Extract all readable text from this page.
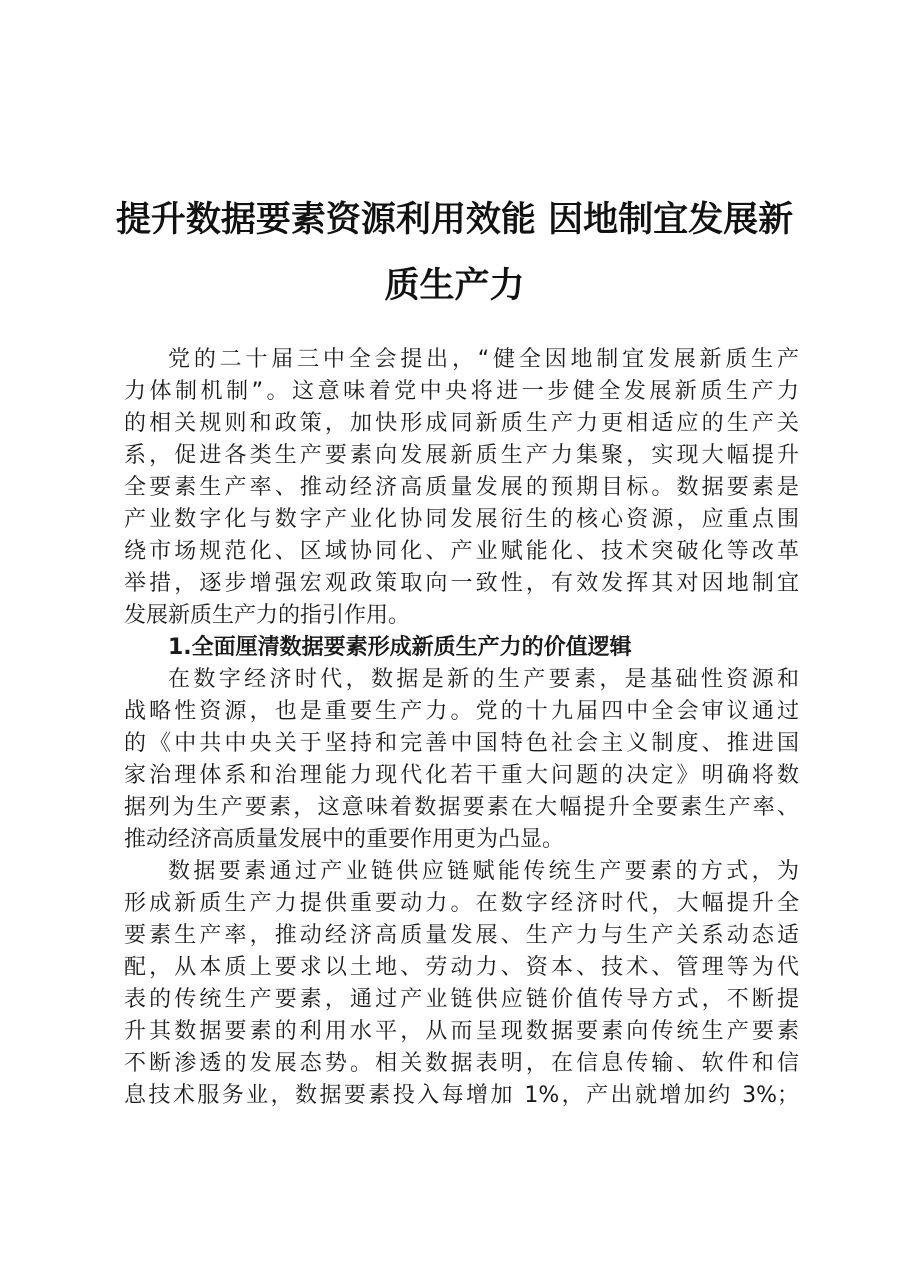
提升数据要素资源利用效能 因地制宜发展新
质生产力
党的二十届三中全会提出，“健全因地制宜发展新质生产
力体制机制”。这意味着党中央将进一步健全发展新质生产力
的相关规则和政策，加快形成同新质生产力更相适应的生产关
系，促进各类生产要素向发展新质生产力集聚，实现大幅提升
全要素生产率、推动经济高质量发展的预期目标。数据要素是
产业数字化与数字产业化协同发展衍生的核心资源，应重点围
绕市场规范化、区域协同化、产业赋能化、技术突破化等改革
举措，逐步增强宏观政策取向一致性，有效发挥其对因地制宜
发展新质生产力的指引作用。
1.全面厘清数据要素形成新质生产力的价值逻辑
在数字经济时代，数据是新的生产要素，是基础性资源和
战略性资源，也是重要生产力。党的十九届四中全会审议通过
的《中共中央关于坚持和完善中国特色社会主义制度、推进国
家治理体系和治理能力现代化若干重大问题的决定》明确将数
据列为生产要素，这意味着数据要素在大幅提升全要素生产率、
推动经济高质量发展中的重要作用更为凸显。
数据要素通过产业链供应链赋能传统生产要素的方式，为
形成新质生产力提供重要动力。在数字经济时代，大幅提升全
要素生产率，推动经济高质量发展、生产力与生产关系动态适
配，从本质上要求以土地、劳动力、资本、技术、管理等为代
表的传统生产要素，通过产业链供应链价值传导方式，不断提
升其数据要素的利用水平，从而呈现数据要素向传统生产要素
不断渗透的发展态势。相关数据表明，在信息传输、软件和信
息技术服务业，数据要素投入每增加 1%，产出就增加约 3%；
